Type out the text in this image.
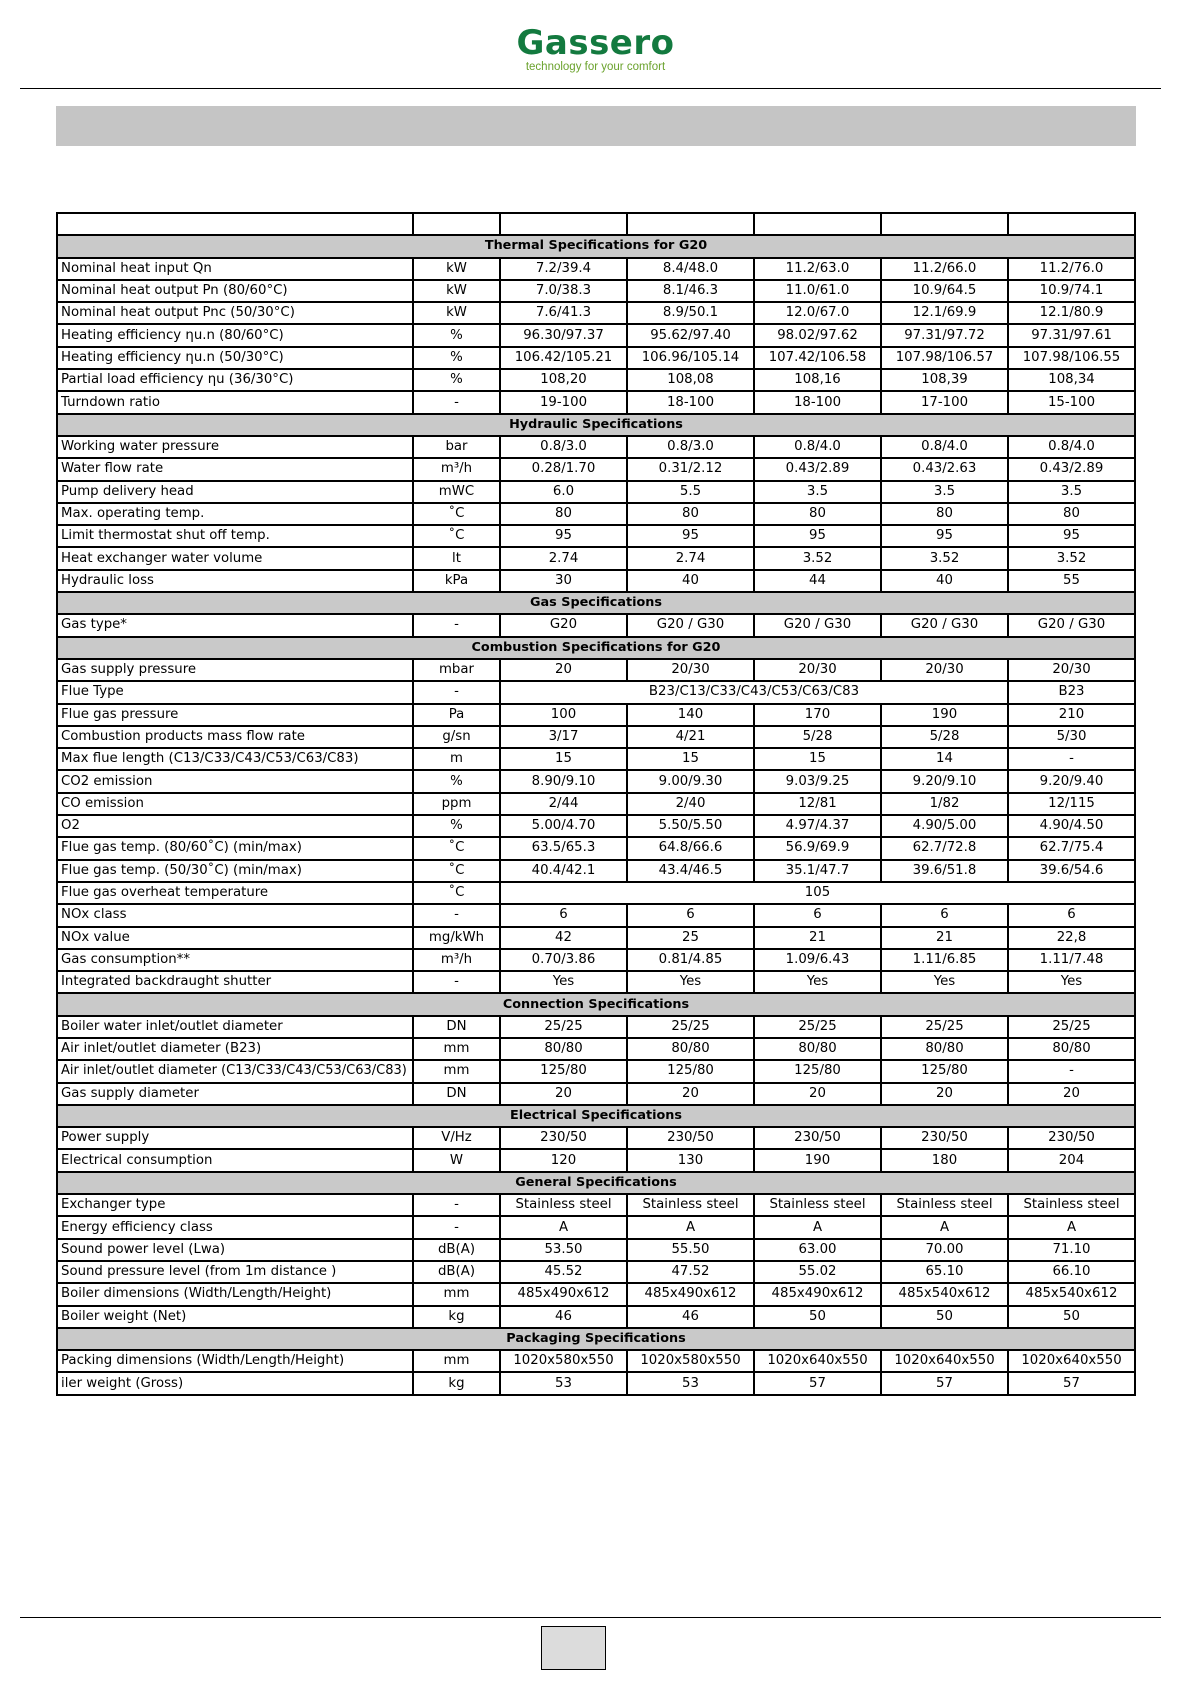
Gassero
technology for your comfort

Thermal Specifications for G20						
Nominal heat input Qn	kW	7.2/39.4	8.4/48.0	11.2/63.0	11.2/66.0	11.2/76.0
Nominal heat output Pn (80/60°C)	kW	7.0/38.3	8.1/46.3	11.0/61.0	10.9/64.5	10.9/74.1
Nominal heat output Pnc (50/30°C)	kW	7.6/41.3	8.9/50.1	12.0/67.0	12.1/69.9	12.1/80.9
Heating efficiency ηu.n (80/60°C)	%	96.30/97.37	95.62/97.40	98.02/97.62	97.31/97.72	97.31/97.61
Heating efficiency ηu.n (50/30°C)	%	106.42/105.21	106.96/105.14	107.42/106.58	107.98/106.57	107.98/106.55
Partial load efficiency ηu (36/30°C)	%	108,20	108,08	108,16	108,39	108,34
Turndown ratio	-	19-100	18-100	18-100	17-100	15-100
Hydraulic Specifications						
Working water pressure	bar	0.8/3.0	0.8/3.0	0.8/4.0	0.8/4.0	0.8/4.0
Water flow rate	m³/h	0.28/1.70	0.31/2.12	0.43/2.89	0.43/2.63	0.43/2.89
Pump delivery head	mWC	6.0	5.5	3.5	3.5	3.5
Max. operating temp.	˚C	80	80	80	80	80
Limit thermostat shut off temp.	˚C	95	95	95	95	95
Heat exchanger water volume	lt	2.74	2.74	3.52	3.52	3.52
Hydraulic loss	kPa	30	40	44	40	55
Gas Specifications						
Gas type*	-	G20	G20 / G30	G20 / G30	G20 / G30	G20 / G30
Combustion Specifications for G20						
Gas supply pressure	mbar	20	20/30	20/30	20/30	20/30
Flue Type	-	B23/C13/C33/C43/C53/C63/C83				B23
Flue gas pressure	Pa	100	140	170	190	210
Combustion products mass flow rate	g/sn	3/17	4/21	5/28	5/28	5/30
Max flue length (C13/C33/C43/C53/C63/C83)	m	15	15	15	14	-
CO2 emission	%	8.90/9.10	9.00/9.30	9.03/9.25	9.20/9.10	9.20/9.40
CO emission	ppm	2/44	2/40	12/81	1/82	12/115
O2	%	5.00/4.70	5.50/5.50	4.97/4.37	4.90/5.00	4.90/4.50
Flue gas temp. (80/60˚C) (min/max)	˚C	63.5/65.3	64.8/66.6	56.9/69.9	62.7/72.8	62.7/75.4
Flue gas temp. (50/30˚C) (min/max)	˚C	40.4/42.1	43.4/46.5	35.1/47.7	39.6/51.8	39.6/54.6
Flue gas overheat temperature	˚C	105				
NOx class	-	6	6	6	6	6
NOx value	mg/kWh	42	25	21	21	22,8
Gas consumption**	m³/h	0.70/3.86	0.81/4.85	1.09/6.43	1.11/6.85	1.11/7.48
Integrated backdraught shutter	-	Yes	Yes	Yes	Yes	Yes
Connection Specifications						
Boiler water inlet/outlet diameter	DN	25/25	25/25	25/25	25/25	25/25
Air inlet/outlet diameter (B23)	mm	80/80	80/80	80/80	80/80	80/80
Air inlet/outlet diameter (C13/C33/C43/C53/C63/C83)	mm	125/80	125/80	125/80	125/80	-
Gas supply diameter	DN	20	20	20	20	20
Electrical Specifications						
Power supply	V/Hz	230/50	230/50	230/50	230/50	230/50
Electrical consumption	W	120	130	190	180	204
General Specifications						
Exchanger type	-	Stainless steel	Stainless steel	Stainless steel	Stainless steel	Stainless steel
Energy efficiency class	-	A	A	A	A	A
Sound power level (Lwa)	dB(A)	53.50	55.50	63.00	70.00	71.10
Sound pressure level (from 1m distance )	dB(A)	45.52	47.52	55.02	65.10	66.10
Boiler dimensions (Width/Length/Height)	mm	485x490x612	485x490x612	485x490x612	485x540x612	485x540x612
Boiler weight (Net)	kg	46	46	50	50	50
Packaging Specifications						
Packing dimensions (Width/Length/Height)	mm	1020x580x550	1020x580x550	1020x640x550	1020x640x550	1020x640x550
iler weight (Gross)	kg	53	53	57	57	57
